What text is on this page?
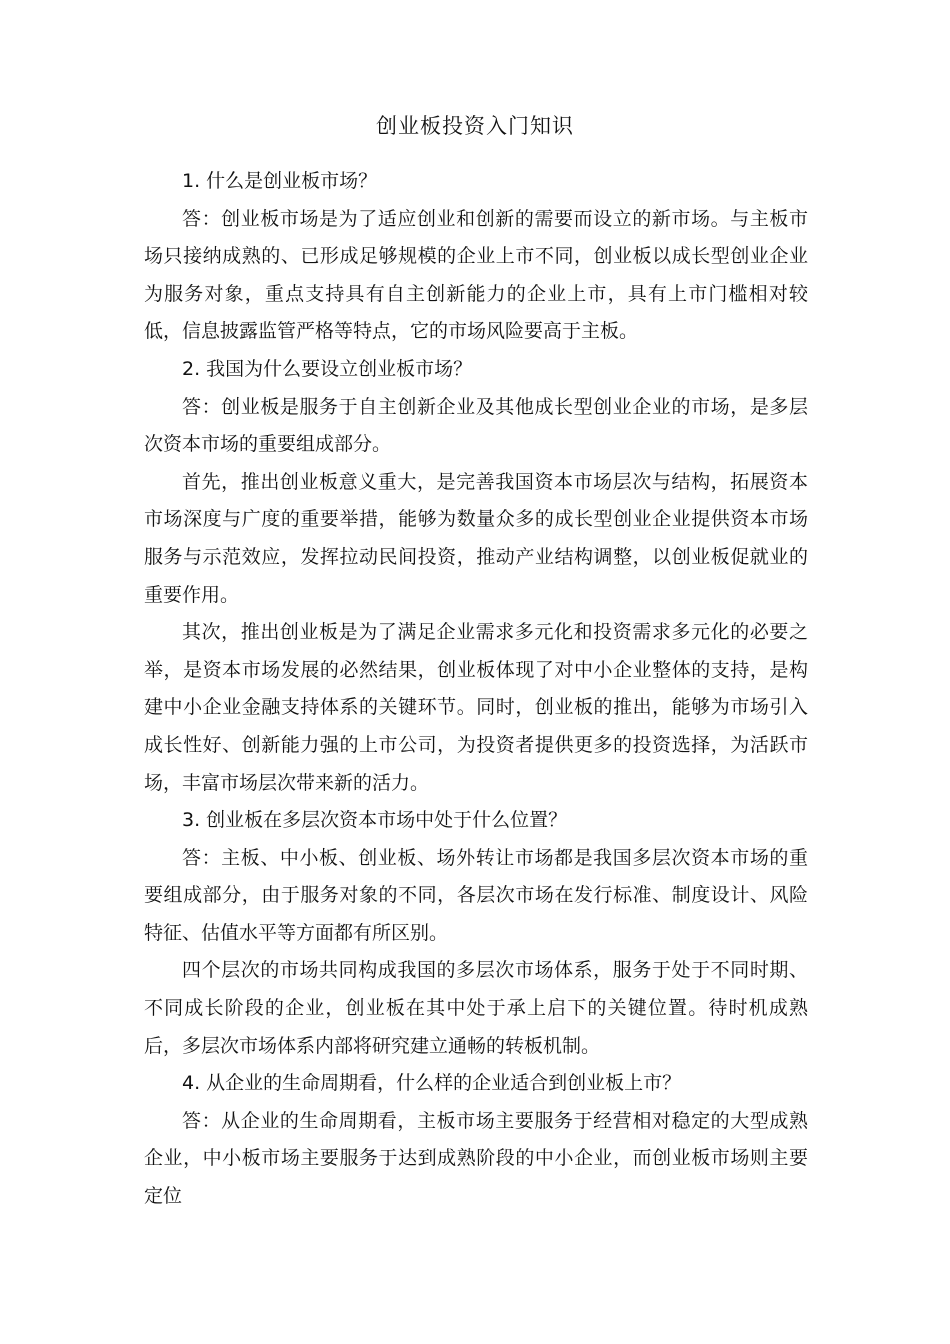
创业板投资入门知识

1. 什么是创业板市场？

答：创业板市场是为了适应创业和创新的需要而设立的新市场。与主板市场只接纳成熟的、已形成足够规模的企业上市不同，创业板以成长型创业企业为服务对象，重点支持具有自主创新能力的企业上市，具有上市门槛相对较低，信息披露监管严格等特点，它的市场风险要高于主板。

2. 我国为什么要设立创业板市场？

答：创业板是服务于自主创新企业及其他成长型创业企业的市场，是多层次资本市场的重要组成部分。

首先，推出创业板意义重大，是完善我国资本市场层次与结构，拓展资本市场深度与广度的重要举措，能够为数量众多的成长型创业企业提供资本市场服务与示范效应，发挥拉动民间投资，推动产业结构调整，以创业板促就业的重要作用。

其次，推出创业板是为了满足企业需求多元化和投资需求多元化的必要之举，是资本市场发展的必然结果，创业板体现了对中小企业整体的支持，是构建中小企业金融支持体系的关键环节。同时，创业板的推出，能够为市场引入成长性好、创新能力强的上市公司，为投资者提供更多的投资选择，为活跃市场，丰富市场层次带来新的活力。

3. 创业板在多层次资本市场中处于什么位置？

答：主板、中小板、创业板、场外转让市场都是我国多层次资本市场的重要组成部分，由于服务对象的不同，各层次市场在发行标准、制度设计、风险特征、估值水平等方面都有所区别。

四个层次的市场共同构成我国的多层次市场体系，服务于处于不同时期、不同成长阶段的企业，创业板在其中处于承上启下的关键位置。待时机成熟后，多层次市场体系内部将研究建立通畅的转板机制。

4. 从企业的生命周期看，什么样的企业适合到创业板上市？

答：从企业的生命周期看，主板市场主要服务于经营相对稳定的大型成熟企业，中小板市场主要服务于达到成熟阶段的中小企业，而创业板市场则主要定位
